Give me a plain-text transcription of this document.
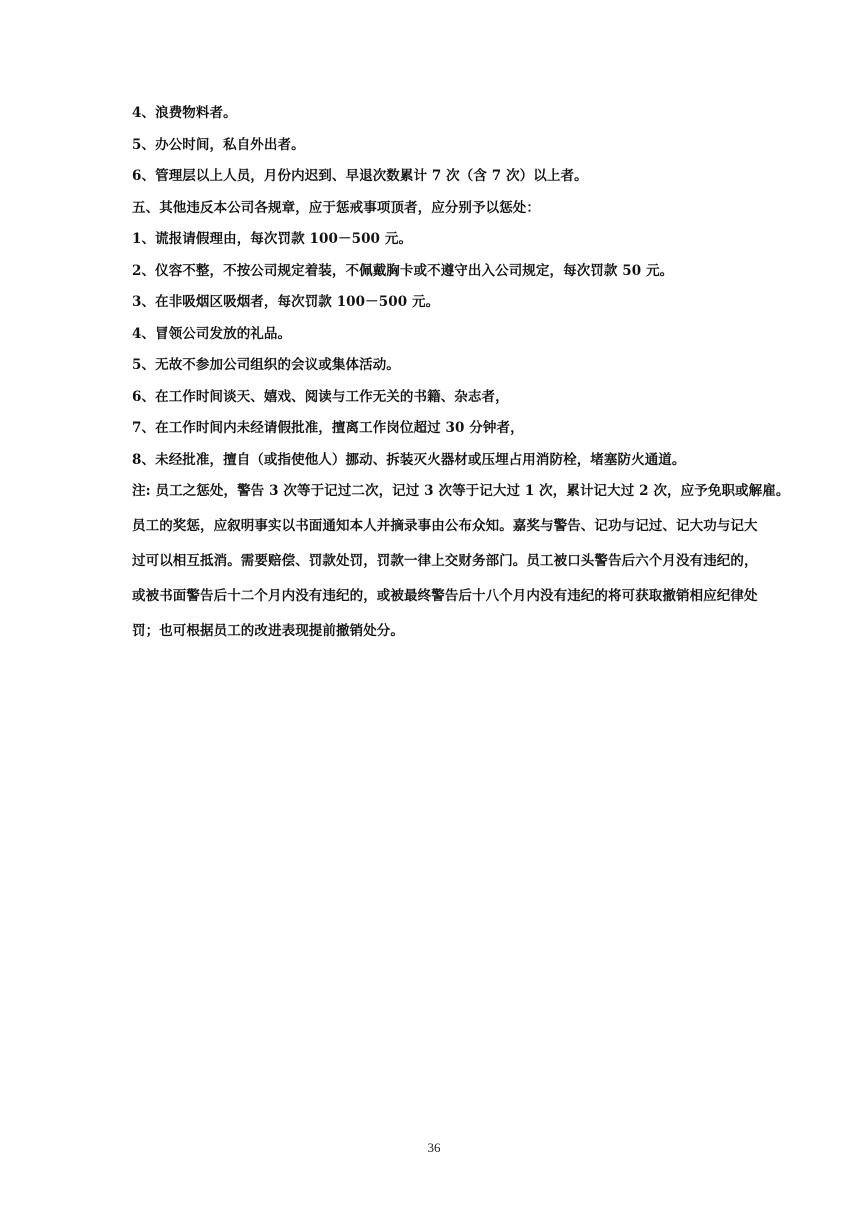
4、浪费物料者。
5、办公时间，私自外出者。
6、管理层以上人员，月份内迟到、早退次数累计 7 次（含 7 次）以上者。
五、其他违反本公司各规章，应于惩戒事项顶者，应分别予以惩处：
1、谎报请假理由，每次罚款 100－500 元。
2、仪容不整，不按公司规定着装，不佩戴胸卡或不遵守出入公司规定，每次罚款 50 元。
3、在非吸烟区吸烟者，每次罚款 100－500 元。
4、冒领公司发放的礼品。
5、无故不参加公司组织的会议或集体活动。
6、在工作时间谈天、嬉戏、阅读与工作无关的书籍、杂志者，
7、在工作时间内未经请假批准，擅离工作岗位超过 30 分钟者，
8、未经批准，擅自（或指使他人）挪动、拆装灭火器材或压埋占用消防栓，堵塞防火通道。
注: 员工之惩处，警告 3 次等于记过二次，记过 3 次等于记大过 1 次，累计记大过 2 次，应予免职或解雇。
员工的奖惩，应叙明事实以书面通知本人并摘录事由公布众知。嘉奖与警告、记功与记过、记大功与记大
过可以相互抵消。需要赔偿、罚款处罚，罚款一律上交财务部门。员工被口头警告后六个月没有违纪的，
或被书面警告后十二个月内没有违纪的，或被最终警告后十八个月内没有违纪的将可获取撤销相应纪律处
罚；也可根据员工的改进表现提前撤销处分。
36
